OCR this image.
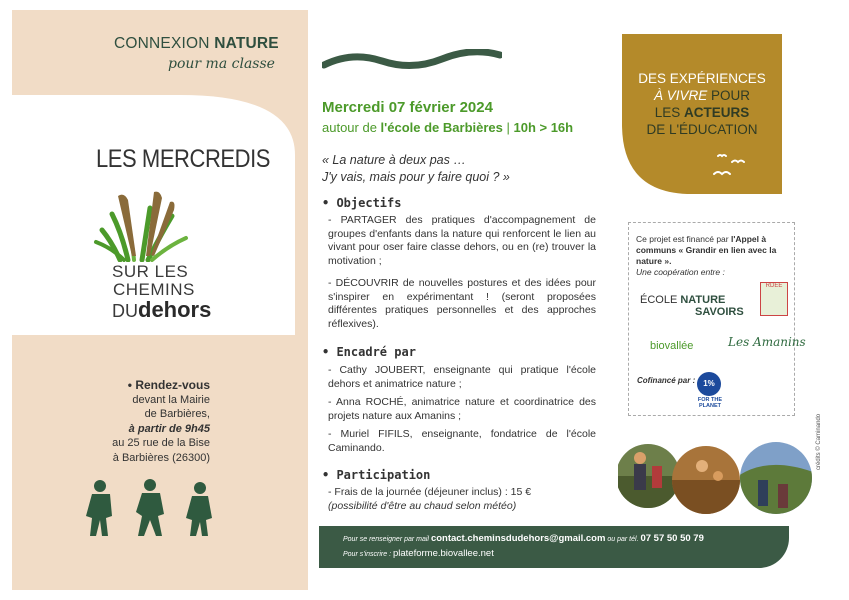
CONNEXION NATURE
pour ma classe
LES MERCREDIS
SUR LES
CHEMINS
DUdehors
• Rendez-vous
devant la Mairie
de Barbières,
à partir de 9h45
au 25 rue de la Bise
à Barbières (26300)
Mercredi 07 février 2024
autour de l'école de Barbières | 10h > 16h
« La nature à deux pas …
J'y vais, mais pour y faire quoi ? »
• Objectifs
- PARTAGER des pratiques d'accompagnement de groupes d'enfants dans la nature qui renforcent le lien au vivant pour oser faire classe dehors, ou en (re) trouver la motivation ;
- DÉCOUVRIR de nouvelles postures et des idées pour s'inspirer en expérimentant ! (seront proposées différentes pratiques personnelles et des approches réflexives).
• Encadré par
- Cathy JOUBERT, enseignante qui pratique l'école dehors et animatrice nature ;
- Anna ROCHÉ, animatrice nature et coordinatrice des projets nature aux Amanins ;
- Muriel FIFILS, enseignante, fondatrice de l'école Caminando.
• Participation
- Frais de la journée (déjeuner inclus) : 15 €
(possibilité d'être au chaud selon météo)
DES EXPÉRIENCES
À VIVRE POUR
LES ACTEURS
DE L'ÉDUCATION
Ce projet est financé par l'Appel à communs « Grandir en lien avec la nature ».
Une coopération entre :
ÉCOLE NATURE
SAVOIRS
RDEE
biovallée	Les Amanins
Cofinancé par : 1%
FOR THE PLANET
Pour se renseigner par mail contact.cheminsdudehors@gmail.com ou par tél. 07 57 50 50 79
Pour s'inscrire : plateforme.biovallee.net
crédits © Caminando
